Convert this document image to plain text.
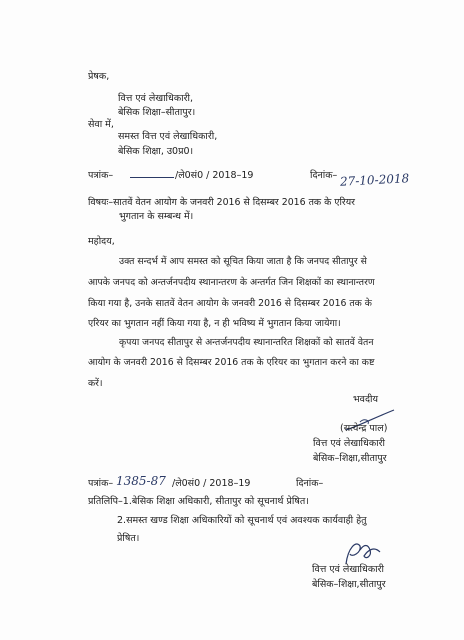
प्रेषक,
वित्त एवं लेखाधिकारी,
बेसिक शिक्षा–सीतापुर।
सेवा में,
समस्त वित्त एवं लेखाधिकारी,
बेसिक शिक्षा, उ0प्र0।
पत्रांक–	/ले0सं0 / 2018–19	दिनांक– 27-10-2018
विषयः–सातवें वेतन आयोग के जनवरी 2016 से दिसम्बर 2016 तक के एरियर
भुगतान के सम्बन्ध में।
महोदय,
उक्त सन्दर्भ में आप समस्त को सूचित किया जाता है कि जनपद सीतापुर से
आपके जनपद को अन्तर्जनपदीय स्थानान्तरण के अन्तर्गत जिन शिक्षकों का स्थानान्तरण
किया गया है, उनके सातवें वेतन आयोग के जनवरी 2016 से दिसम्बर 2016 तक के
एरियर का भुगतान नहीं किया गया है, न ही भविष्य में भुगतान किया जायेगा।
कृपया जनपद सीतापुर से अन्तर्जनपदीय स्थानान्तरित शिक्षकों को सातवें वेतन
आयोग के जनवरी 2016 से दिसम्बर 2016 तक के एरियर का भुगतान करने का कष्ट
करें।
भवदीय
(सत्येन्द्र पाल)
वित्त एवं लेखाधिकारी
बेसिक–शिक्षा,सीतापुर
पत्रांक– 1385-87 /ले0सं0 / 2018–19	दिनांक–
प्रतिलिपि–1.बेसिक शिक्षा अधिकारी, सीतापुर को सूचनार्थ प्रेषित।
2.समस्त खण्ड शिक्षा अधिकारियों को सूचनार्थ एवं अवश्यक कार्यवाही हेतु
प्रेषित।
वित्त एवं लेखाधिकारी
बेसिक–शिक्षा,सीतापुर
